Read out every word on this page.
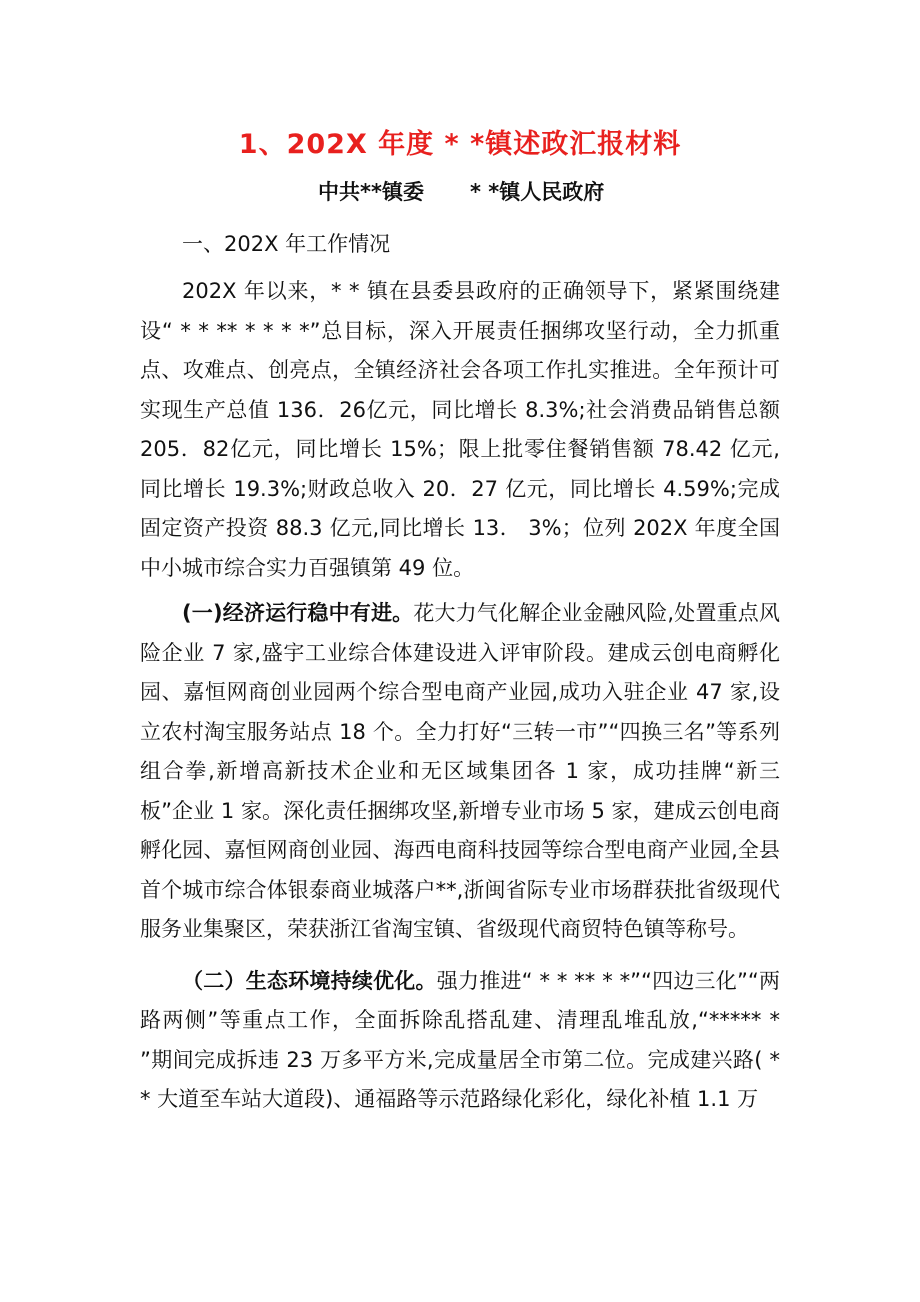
1、202X 年度 * *镇述政汇报材料
中共**镇委 * *镇人民政府

一、202X 年工作情况

202X 年以来，* * 镇在县委县政府的正确领导下，紧紧围绕建设“ * * ** * * * *”总目标，深入开展责任捆绑攻坚行动，全力抓重点、攻难点、创亮点，全镇经济社会各项工作扎实推进。全年预计可实现生产总值 136．26亿元，同比增长 8.3%;社会消费品销售总额 205．82亿元，同比增长 15%；限上批零住餐销售额 78.42 亿元,同比增长 19.3%;财政总收入 20．27 亿元，同比增长 4.59%;完成固定资产投资 88.3 亿元,同比增长 13． 3%；位列 202X 年度全国中小城市综合实力百强镇第 49 位。

(一)经济运行稳中有进。花大力气化解企业金融风险,处置重点风险企业 7 家,盛宇工业综合体建设进入评审阶段。建成云创电商孵化园、嘉恒网商创业园两个综合型电商产业园,成功入驻企业 47 家,设立农村淘宝服务站点 18 个。全力打好“三转一市”“四换三名”等系列组合拳,新增高新技术企业和无区域集团各 1 家，成功挂牌“新三板”企业 1 家。深化责任捆绑攻坚,新增专业市场 5 家，建成云创电商孵化园、嘉恒网商创业园、海西电商科技园等综合型电商产业园,全县首个城市综合体银泰商业城落户**,浙闽省际专业市场群获批省级现代服务业集聚区，荣获浙江省淘宝镇、省级现代商贸特色镇等称号。

（二）生态环境持续优化。强力推进“ * * ** * *”“四边三化”“两路两侧”等重点工作，全面拆除乱搭乱建、清理乱堆乱放,“***** * ”期间完成拆违 23 万多平方米,完成量居全市第二位。完成建兴路( * * 大道至车站大道段)、通福路等示范路绿化彩化，绿化补植 1.1 万
